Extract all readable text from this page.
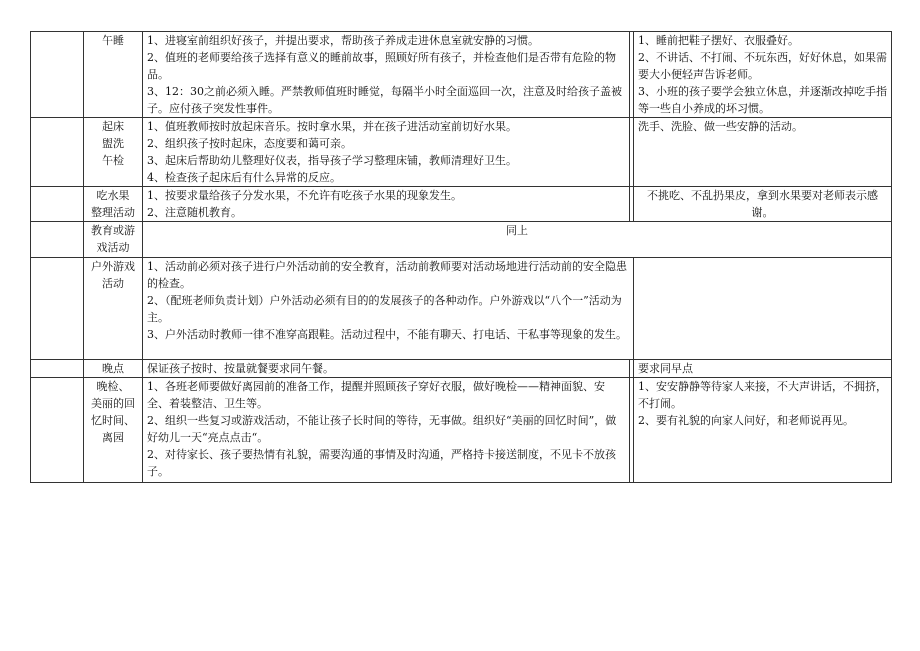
	午睡	1、进寝室前组织好孩子，并提出要求，帮助孩子养成走进休息室就安静的习惯。
2、值班的老师要给孩子选择有意义的睡前故事，照顾好所有孩子，并检查他们是否带有危险的物品。
3、12：30之前必须入睡。严禁教师值班时睡觉，每隔半小时全面巡回一次，注意及时给孩子盖被子。应付孩子突发性事件。		1、睡前把鞋子摆好、衣服叠好。
2、不讲话、不打闹、不玩东西，好好休息，如果需要大小便轻声告诉老师。
3、小班的孩子要学会独立休息，并逐渐改掉吃手指等一些自小养成的坏习惯。

	起床
盥洗
午检	1、值班教师按时放起床音乐。按时拿水果，并在孩子进活动室前切好水果。
2、组织孩子按时起床，态度要和蔼可亲。
3、起床后帮助幼儿整理好仪表，指导孩子学习整理床铺，教师清理好卫生。
4、检查孩子起床后有什么异常的反应。		洗手、洗脸、做一些安静的活动。

	吃水果
整理活动	1、按要求量给孩子分发水果，不允许有吃孩子水果的现象发生。
2、注意随机教育。		不挑吃、不乱扔果皮，拿到水果要对老师表示感谢。

	教育或游
戏活动	同上		

	户外游戏
活动	1、活动前必须对孩子进行户外活动前的安全教育，活动前教师要对活动场地进行活动前的安全隐患的检查。
2、（配班老师负责计划）户外活动必须有目的的发展孩子的各种动作。户外游戏以“八个一”活动为主。
3、户外活动时教师一律不准穿高跟鞋。活动过程中，不能有聊天、打电话、干私事等现象的发生。		

	晚点	保证孩子按时、按量就餐要求同午餐。		要求同早点

	晚检、
美丽的回
忆时间、
离园	1、各班老师要做好离园前的准备工作，提醒并照顾孩子穿好衣服，做好晚检——精神面貌、安全、着装整洁、卫生等。
2、组织一些复习或游戏活动，不能让孩子长时间的等待，无事做。组织好“美丽的回忆时间”，做好幼儿一天“亮点点击“。
2、对待家长、孩子要热情有礼貌，需要沟通的事情及时沟通，严格持卡接送制度，不见卡不放孩子。		1、安安静静等待家人来接，不大声讲话，不拥挤，不打闹。
2、要有礼貌的向家人问好，和老师说再见。
